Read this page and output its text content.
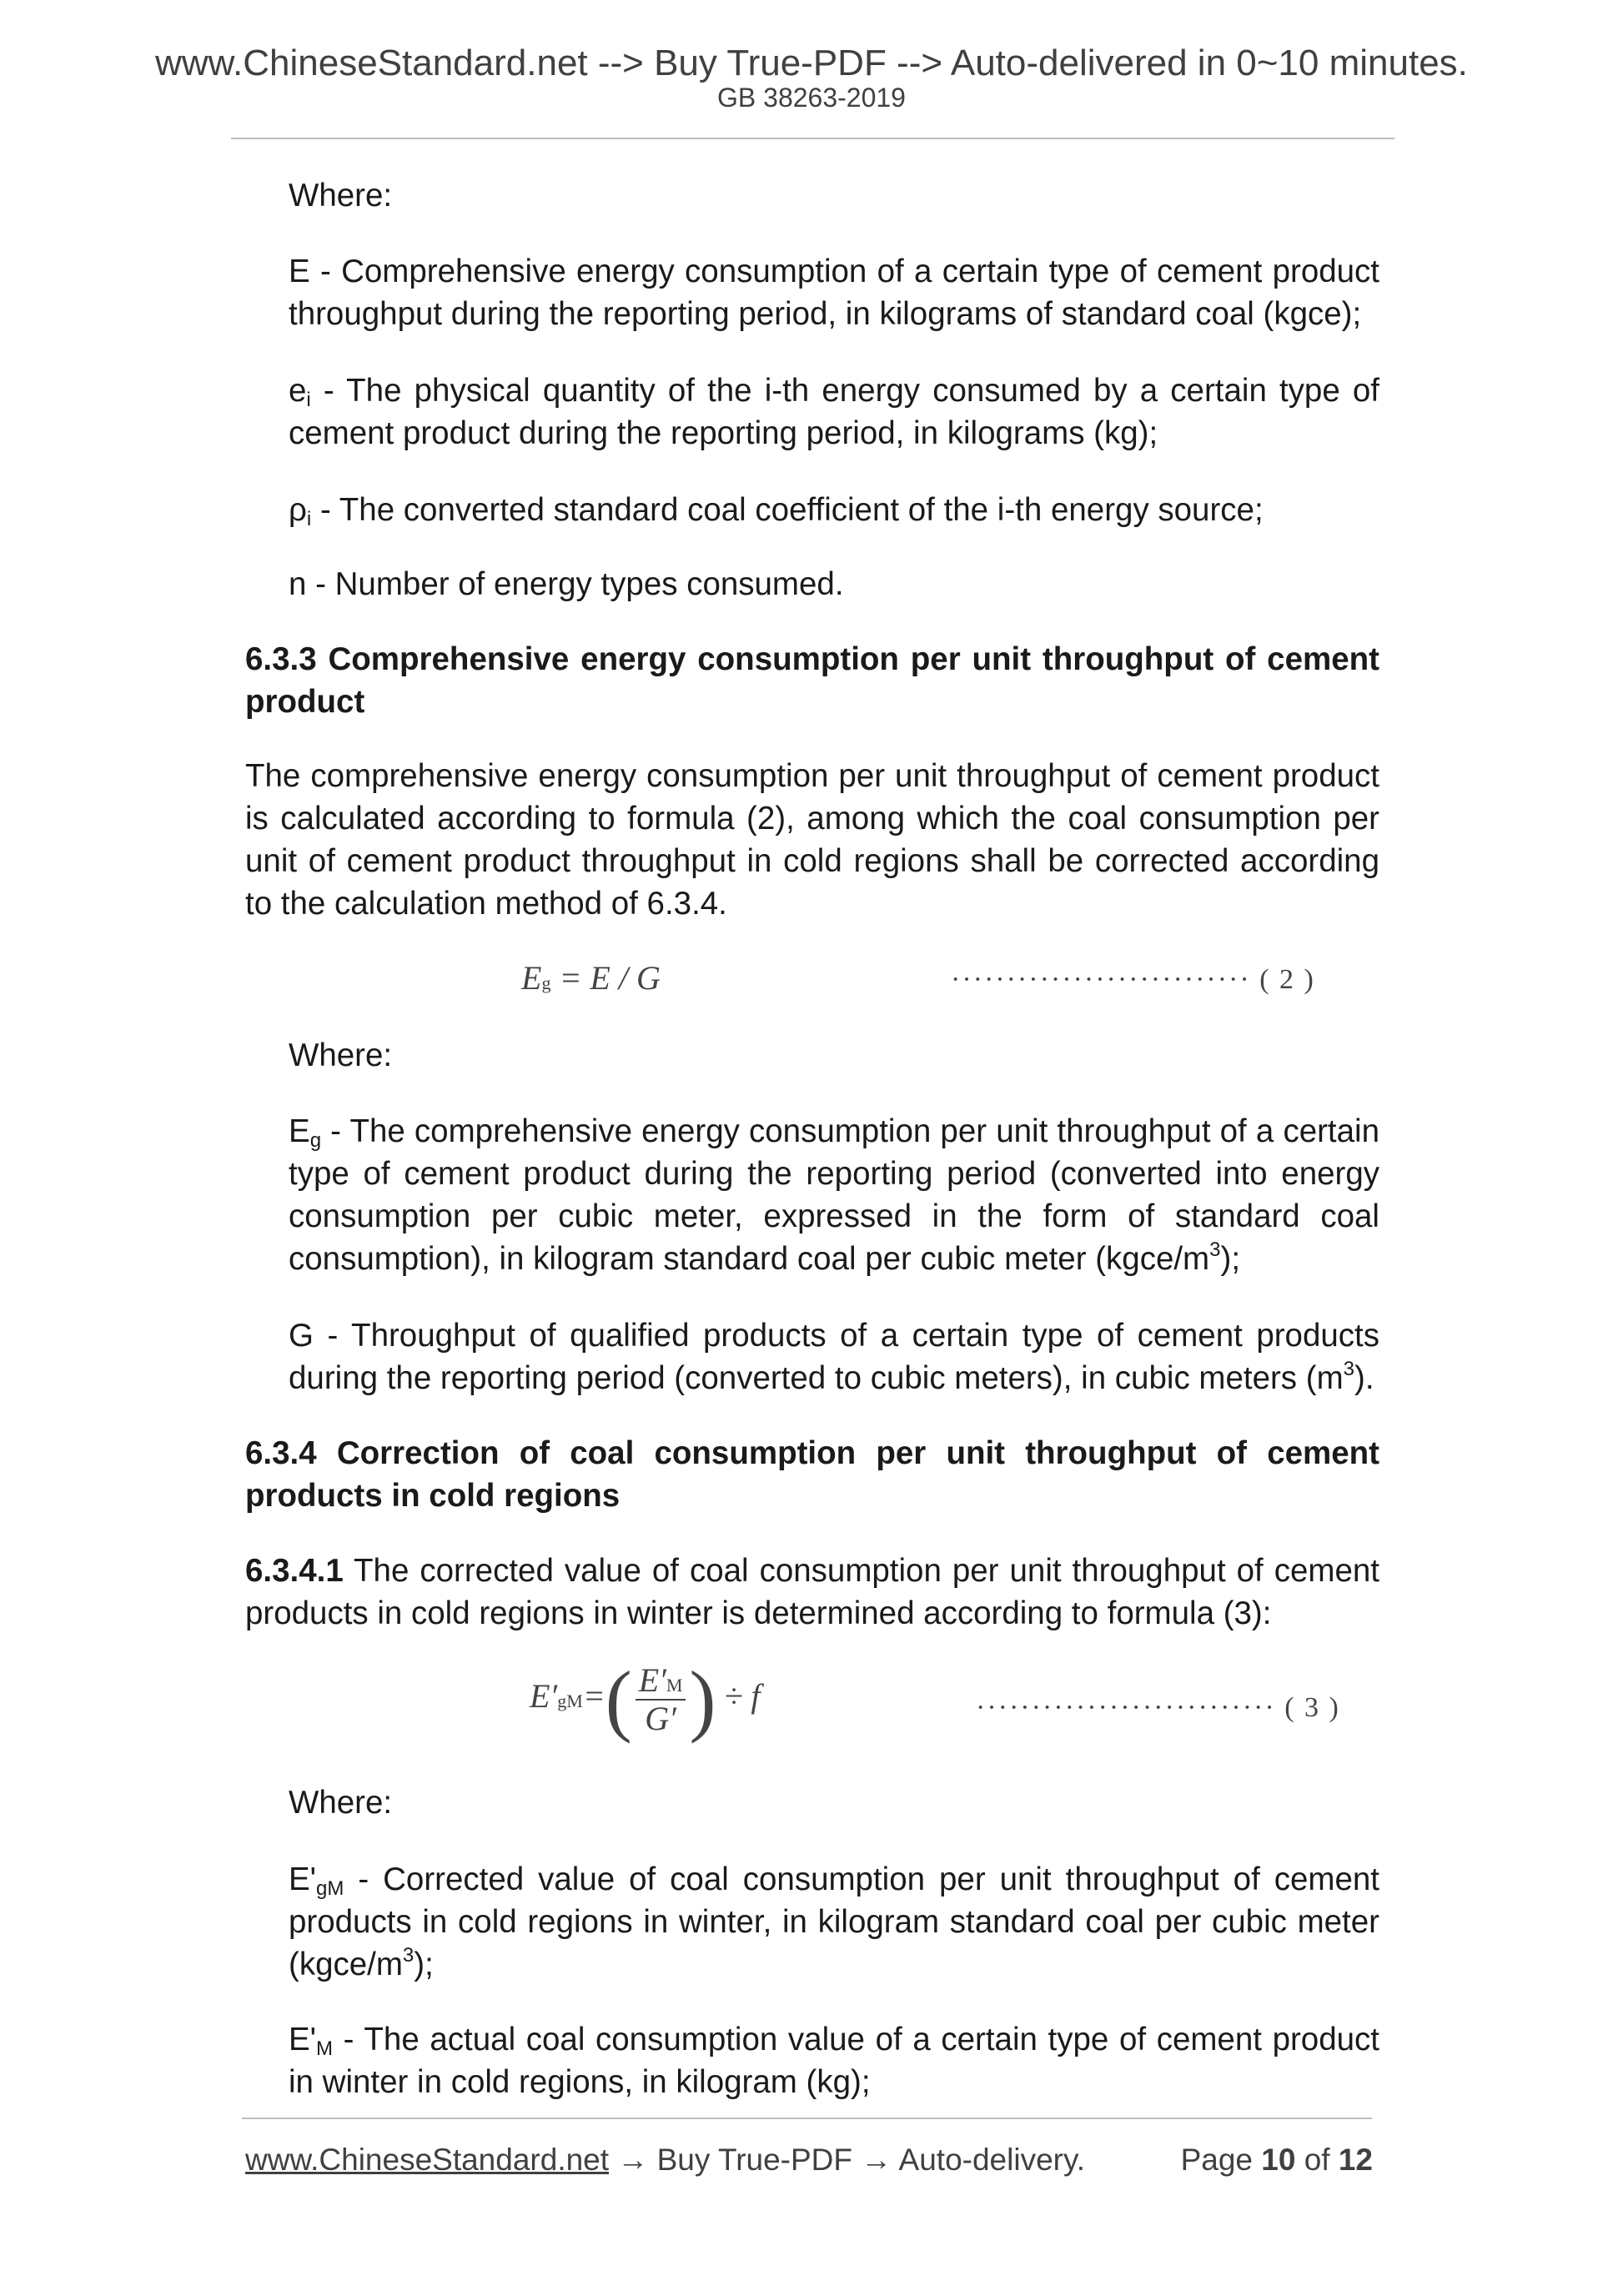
www.ChineseStandard.net --> Buy True-PDF --> Auto-delivered in 0~10 minutes.
GB 38263-2019
Where:
E - Comprehensive energy consumption of a certain type of cement product throughput during the reporting period, in kilograms of standard coal (kgce);
$e_i$ - The physical quantity of the i-th energy consumed by a certain type of cement product during the reporting period, in kilograms (kg);
$\rho_i$ - The converted standard coal coefficient of the i-th energy source;
n - Number of energy types consumed.
6.3.3 Comprehensive energy consumption per unit throughput of cement product
The comprehensive energy consumption per unit throughput of cement product is calculated according to formula (2), among which the coal consumption per unit of cement product throughput in cold regions shall be corrected according to the calculation method of 6.3.4.
Eg = E / G	··························· ( 2 )
Where:
$E_g$ - The comprehensive energy consumption per unit throughput of a certain type of cement product during the reporting period (converted into energy consumption per cubic meter, expressed in the form of standard coal consumption), in kilogram standard coal per cubic meter $(kgce/m^3)$;
G - Throughput of qualified products of a certain type of cement products during the reporting period (converted to cubic meters), in cubic meters $(m^3)$.
6.3.4 Correction of coal consumption per unit throughput of cement products in cold regions
6.3.4.1 The corrected value of coal consumption per unit throughput of cement products in cold regions in winter is determined according to formula (3):
$E'gM=( \frac{E'M}{G'}$ ) ÷ f	··························· ( 3 )
Where:
$E'_{gM}$ - Corrected value of coal consumption per unit throughput of cement products in cold regions in winter, in kilogram standard coal per cubic meter $(kgce/m^3)$;
$E'_M$ - The actual coal consumption value of a certain type of cement product in winter in cold regions, in kilogram (kg);
www.ChineseStandard.net → Buy True-PDF → Auto-delivery.	Page 10 of 12
